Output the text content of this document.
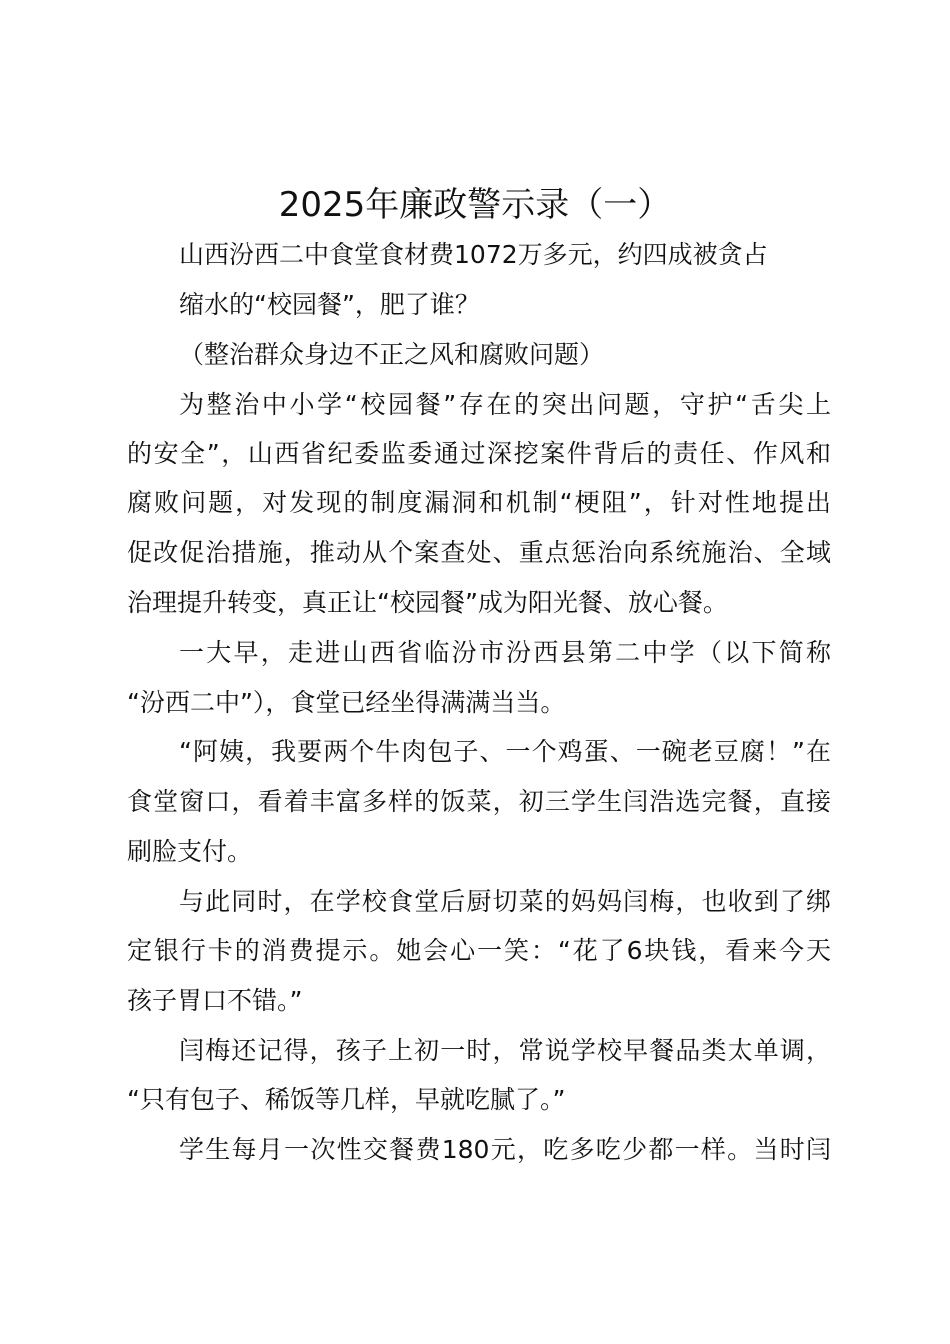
2025年廉政警示录（一）
山西汾西二中食堂食材费1072万多元，约四成被贪占
缩水的“校园餐”，肥了谁？
（整治群众身边不正之风和腐败问题）
为整治中小学“校园餐”存在的突出问题，守护“舌尖上
的安全”，山西省纪委监委通过深挖案件背后的责任、作风和
腐败问题，对发现的制度漏洞和机制“梗阻”，针对性地提出
促改促治措施，推动从个案查处、重点惩治向系统施治、全域
治理提升转变，真正让“校园餐”成为阳光餐、放心餐。
一大早，走进山西省临汾市汾西县第二中学（以下简称
“汾西二中”），食堂已经坐得满满当当。
“阿姨，我要两个牛肉包子、一个鸡蛋、一碗老豆腐！”在
食堂窗口，看着丰富多样的饭菜，初三学生闫浩选完餐，直接
刷脸支付。
与此同时，在学校食堂后厨切菜的妈妈闫梅，也收到了绑
定银行卡的消费提示。她会心一笑：“花了6块钱，看来今天
孩子胃口不错。”
闫梅还记得，孩子上初一时，常说学校早餐品类太单调，
“只有包子、稀饭等几样，早就吃腻了。”
学生每月一次性交餐费180元，吃多吃少都一样。当时闫
